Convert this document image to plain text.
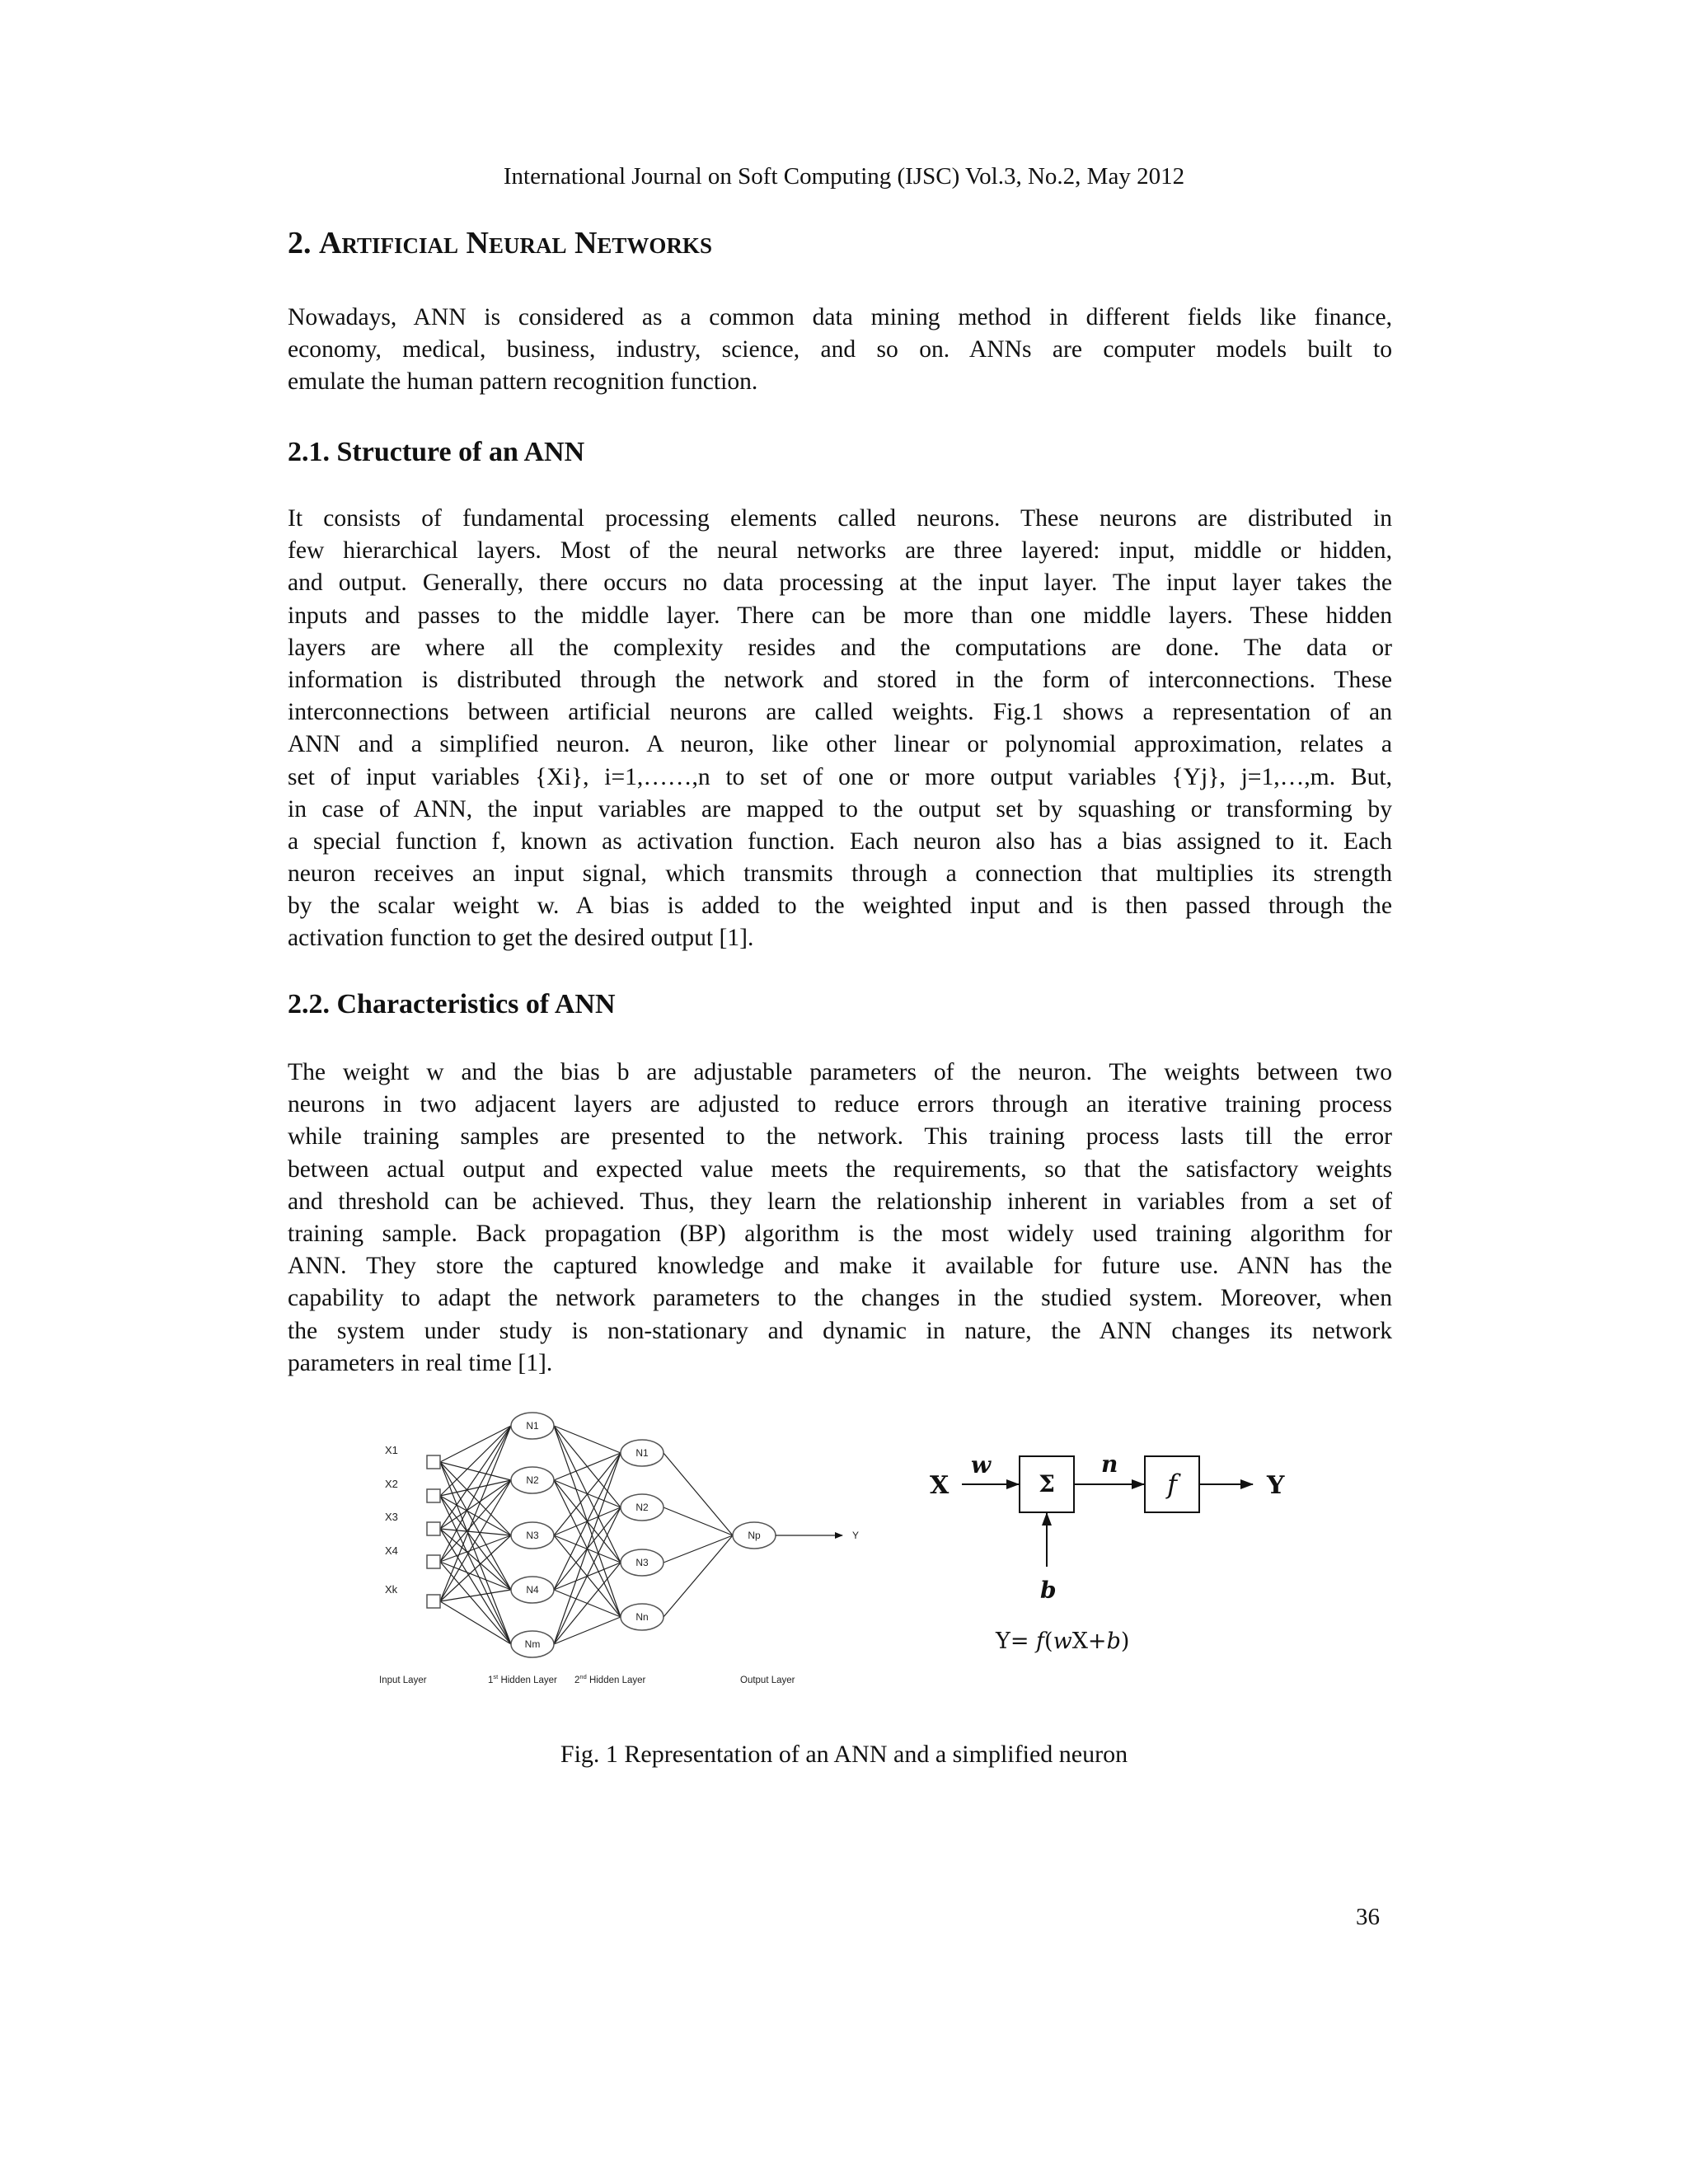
International Journal on Soft Computing (IJSC) Vol.3, No.2, May 2012
2. Artificial Neural Networks
Nowadays, ANN is considered as a common data mining method in different fields like finance,
economy, medical, business, industry, science, and so on. ANNs are computer models built to
emulate the human pattern recognition function.
2.1. Structure of an ANN
It consists of fundamental processing elements called neurons. These neurons are distributed in
few hierarchical layers. Most of the neural networks are three layered: input, middle or hidden,
and output. Generally, there occurs no data processing at the input layer. The input layer takes the
inputs and passes to the middle layer. There can be more than one middle layers. These hidden
layers are where all the complexity resides and the computations are done. The data or
information is distributed through the network and stored in the form of interconnections. These
interconnections between artificial neurons are called weights. Fig.1 shows a representation of an
ANN and a simplified neuron. A neuron, like other linear or polynomial approximation, relates a
set of input variables {Xi}, i=1,……,n to set of one or more output variables {Yj}, j=1,…,m. But,
in case of ANN, the input variables are mapped to the output set by squashing or transforming by
a special function f, known as activation function. Each neuron also has a bias assigned to it. Each
neuron receives an input signal, which transmits through a connection that multiplies its strength
by the scalar weight w. A bias is added to the weighted input and is then passed through the
activation function to get the desired output [1].
2.2. Characteristics of ANN
The weight w and the bias b are adjustable parameters of the neuron. The weights between two
neurons in two adjacent layers are adjusted to reduce errors through an iterative training process
while training samples are presented to the network. This training process lasts till the error
between actual output and expected value meets the requirements, so that the satisfactory weights
and threshold can be achieved. Thus, they learn the relationship inherent in variables from a set of
training sample. Back propagation (BP) algorithm is the most widely used training algorithm for
ANN. They store the captured knowledge and make it available for future use. ANN has the
capability to adapt the network parameters to the changes in the studied system. Moreover, when
the system under study is non-stationary and dynamic in nature, the ANN changes its network
parameters in real time [1].
X1
X2
X3
X4
Xk
N1
N2
N3
N4
Nm
N1
N2
N3
Nn
Np	Y
Input Layer	1st Hidden Layer 2nd Hidden Layer	Output Layer
X
w
Σ
n
f	Y
b
Y= f(wX+b)
Fig. 1 Representation of an ANN and a simplified neuron
36
